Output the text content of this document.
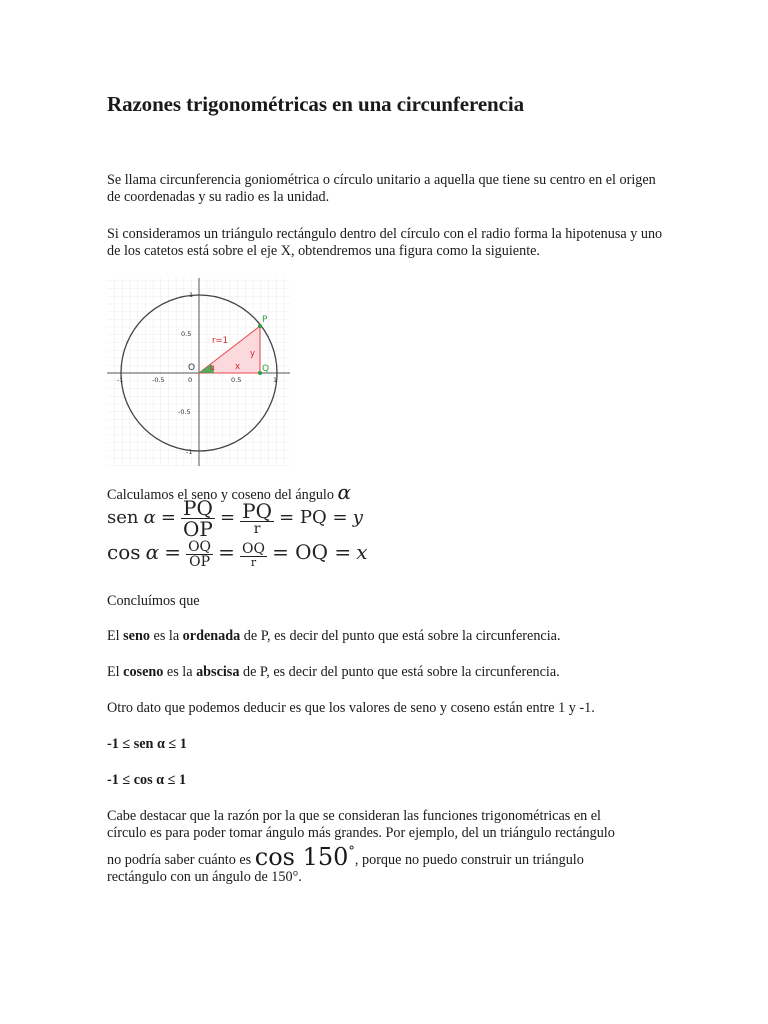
Razones trigonométricas en una circunferencia

Se llama circunferencia goniométrica o círculo unitario a aquella que tiene su centro en el origen de coordenadas y su radio es la unidad.

Si consideramos un triángulo rectángulo dentro del círculo con el radio forma la hipotenusa y uno de los catetos está sobre el eje X, obtendremos una figura como la siguiente.

P
O	Q
r=1
y
x
α
-1	-0.5	0	0.5	1
1
0.5
-0.5
-1

Calculamos el seno y coseno del ángulo α

sen $\alpha = \frac{PQ}{OP} = \frac{PQ}{r}$ = PQ = y
$\cos \alpha = \frac{OQ}{OP} = \frac{OQ}{r}$ = OQ = x

Concluímos que

El seno es la ordenada de P, es decir del punto que está sobre la circunferencia.

El coseno es la abscisa de P, es decir del punto que está sobre la circunferencia.

Otro dato que podemos deducir es que los valores de seno y coseno están entre 1 y -1.

-1 ≤ sen α ≤ 1

-1 ≤ cos α ≤ 1

Cabe destacar que la razón por la que se consideran las funciones trigonométricas en el

círculo es para poder tomar ángulo más grandes. Por ejemplo, del un triángulo rectángulo

no podría saber cuánto es cos 150°, porque no puedo construir un triángulo

rectángulo con un ángulo de 150°.
